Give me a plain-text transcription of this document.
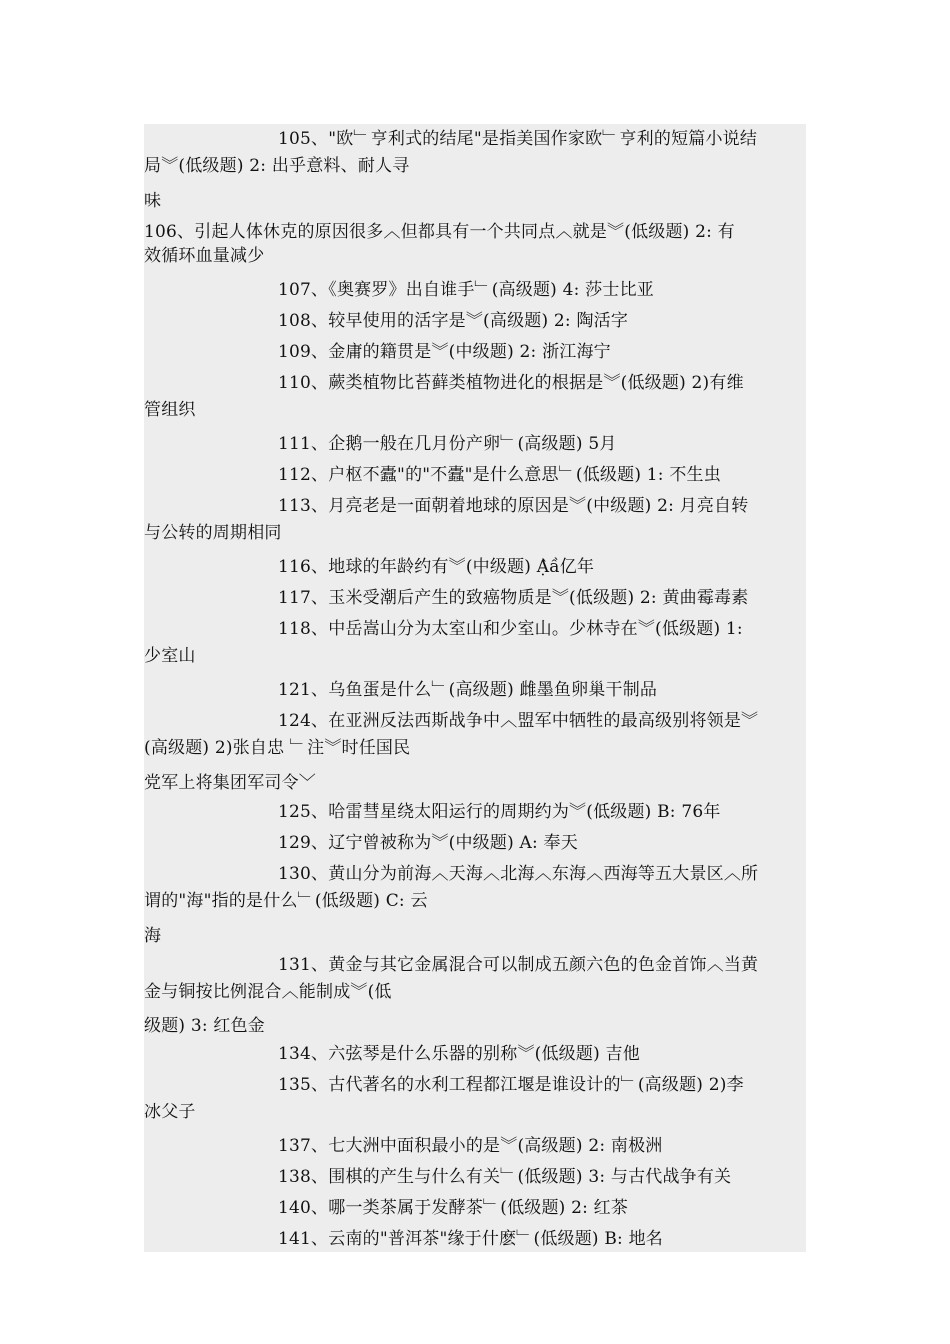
105、"欧﹂亨利式的结尾"是指美国作家欧﹂亨利的短篇小说结
局︾(低级题) 2: 出乎意料、耐人寻
味
106、引起人体休克的原因很多︿但都具有一个共同点︿就是︾(低级题) 2: 有
效循环血量减少
107、《奥赛罗》出自谁手﹂(高级题) 4: 莎士比亚
108、较早使用的活字是︾(高级题) 2: 陶活字
109、金庸的籍贯是︾(中级题) 2: 浙江海宁
110、蕨类植物比苔藓类植物进化的根据是︾(低级题) 2)有维
管组织
111、企鹅一般在几月份产卵﹂(高级题) 5月
112、户枢不蠹"的"不蠹"是什么意思﹂(低级题) 1: 不生虫
113、月亮老是一面朝着地球的原因是︾(中级题) 2: 月亮自转
与公转的周期相同
116、地球的年龄约有︾(中级题) Ạ̀ầ亿年
117、玉米受潮后产生的致癌物质是︾(低级题) 2: 黄曲霉毒素
118、中岳嵩山分为太室山和少室山。少林寺在︾(低级题) 1:
少室山
121、乌鱼蛋是什么﹂(高级题) 雌墨鱼卵巢干制品
124、在亚洲反法西斯战争中︿盟军中牺牲的最高级别将领是︾
(高级题) 2)张自忠 ﹂注︾时任国民
党军上将集团军司令﹀
125、哈雷彗星绕太阳运行的周期约为︾(低级题) B: 76年
129、辽宁曾被称为︾(中级题) A: 奉天
130、黄山分为前海︿天海︿北海︿东海︿西海等五大景区︿所
谓的"海"指的是什么﹂(低级题) C: 云
海
131、黄金与其它金属混合可以制成五颜六色的色金首饰︿当黄
金与铜按比例混合︿能制成︾(低
级题) 3: 红色金
134、六弦琴是什么乐器的别称︾(低级题) 吉他
135、古代著名的水利工程都江堰是谁设计的﹂(高级题) 2)李
冰父子
137、七大洲中面积最小的是︾(高级题) 2: 南极洲
138、围棋的产生与什么有关﹂(低级题) 3: 与古代战争有关
140、哪一类茶属于发酵茶﹂(低级题) 2: 红茶
141、云南的"普洱茶"缘于什麽﹂(低级题) B: 地名
